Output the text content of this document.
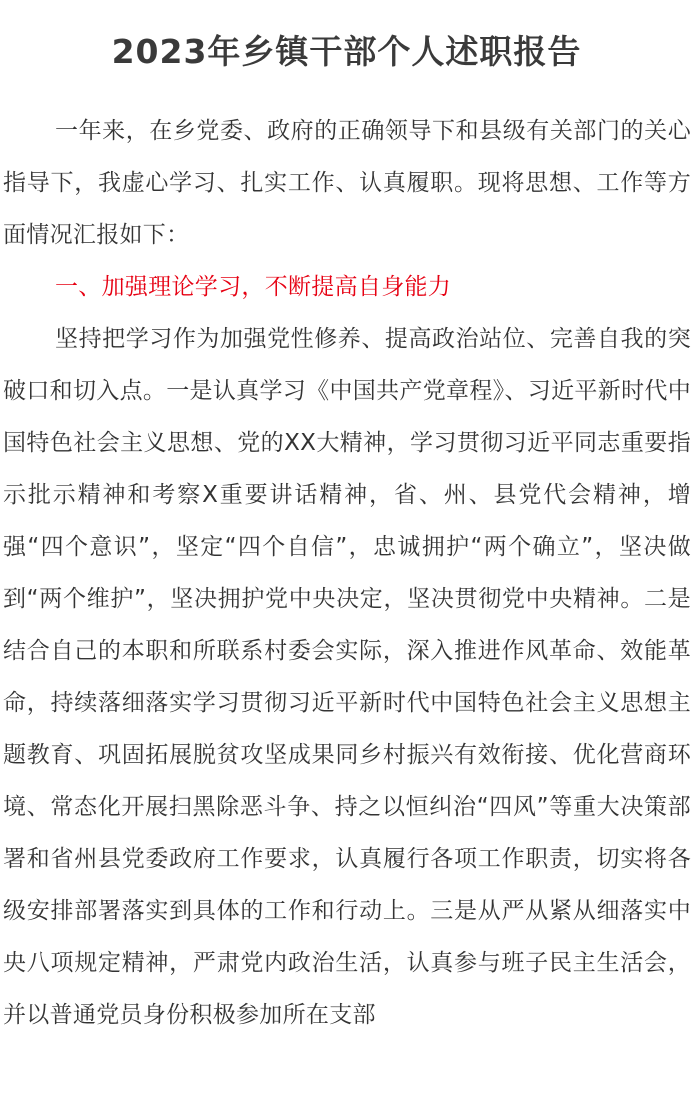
2023年乡镇干部个人述职报告

一年来，在乡党委、政府的正确领导下和县级有关部门的关心指导下，我虚心学习、扎实工作、认真履职。现将思想、工作等方面情况汇报如下：

一、加强理论学习，不断提高自身能力

坚持把学习作为加强党性修养、提高政治站位、完善自我的突破口和切入点。一是认真学习《中国共产党章程》、习近平新时代中国特色社会主义思想、党的XX大精神，学习贯彻习近平同志重要指示批示精神和考察X重要讲话精神，省、州、县党代会精神，增强“四个意识”，坚定“四个自信”，忠诚拥护“两个确立”，坚决做到“两个维护”，坚决拥护党中央决定，坚决贯彻党中央精神。二是结合自己的本职和所联系村委会实际，深入推进作风革命、效能革命，持续落细落实学习贯彻习近平新时代中国特色社会主义思想主题教育、巩固拓展脱贫攻坚成果同乡村振兴有效衔接、优化营商环境、常态化开展扫黑除恶斗争、持之以恒纠治“四风”等重大决策部署和省州县党委政府工作要求，认真履行各项工作职责，切实将各级安排部署落实到具体的工作和行动上。三是从严从紧从细落实中央八项规定精神，严肃党内政治生活，认真参与班子民主生活会，并以普通党员身份积极参加所在支部
